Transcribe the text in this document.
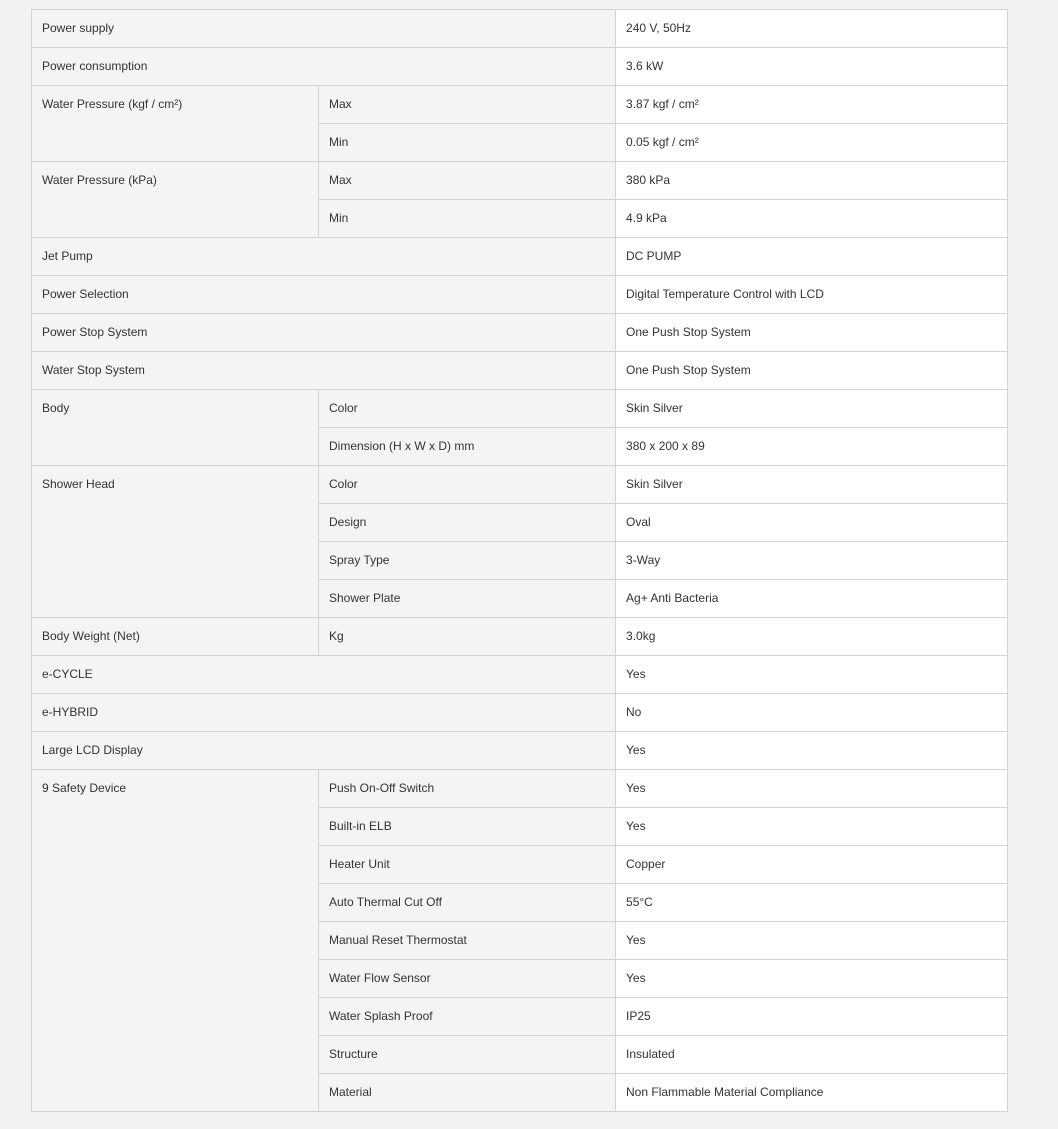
Power supply		240 V, 50Hz
Power consumption		3.6 kW
Water Pressure (kgf / cm²)	Max	3.87 kgf / cm²
	Min	0.05 kgf / cm²
Water Pressure (kPa)	Max	380 kPa
	Min	4.9 kPa
Jet Pump		DC PUMP
Power Selection		Digital Temperature Control with LCD
Power Stop System		One Push Stop System
Water Stop System		One Push Stop System
Body	Color	Skin Silver
	Dimension (H x W x D) mm	380 x 200 x 89
Shower Head	Color	Skin Silver
	Design	Oval
	Spray Type	3-Way
	Shower Plate	Ag+ Anti Bacteria
Body Weight (Net)	Kg	3.0kg
e-CYCLE		Yes
e-HYBRID		No
Large LCD Display		Yes
9 Safety Device	Push On-Off Switch	Yes
	Built-in ELB	Yes
	Heater Unit	Copper
	Auto Thermal Cut Off	55°C
	Manual Reset Thermostat	Yes
	Water Flow Sensor	Yes
	Water Splash Proof	IP25
	Structure	Insulated
	Material	Non Flammable Material Compliance
